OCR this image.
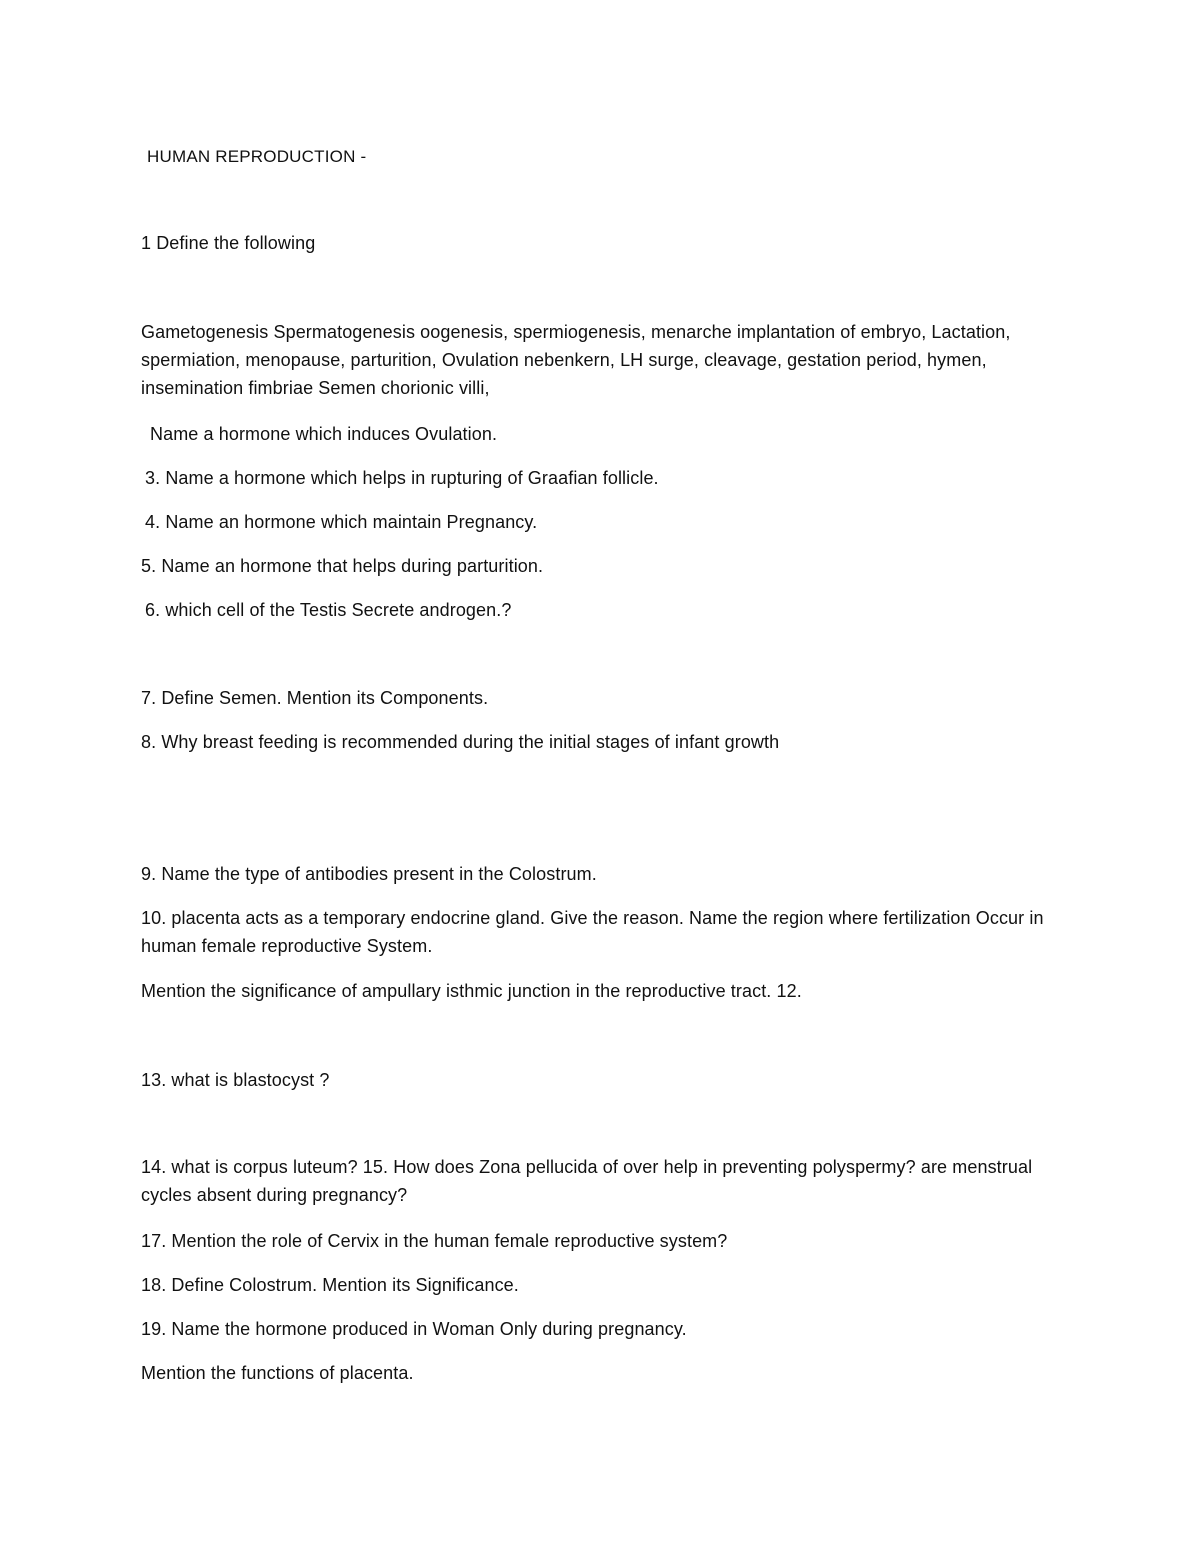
HUMAN REPRODUCTION -
1 Define the following
Gametogenesis Spermatogenesis oogenesis, spermiogenesis, menarche implantation of embryo, Lactation, spermiation, menopause, parturition, Ovulation nebenkern, LH surge, cleavage, gestation period, hymen, insemination fimbriae Semen chorionic villi,
Name a hormone which induces Ovulation.
3. Name a hormone which helps in rupturing of Graafian follicle.
4. Name an hormone which maintain Pregnancy.
5. Name an hormone that helps during parturition.
6. which cell of the Testis Secrete androgen.?
7. Define Semen. Mention its Components.
8. Why breast feeding is recommended during the initial stages of infant growth
9. Name the type of antibodies present in the Colostrum.
10. placenta acts as a temporary endocrine gland. Give the reason. Name the region where fertilization Occur in human female reproductive System.
Mention the significance of ampullary isthmic junction in the reproductive tract. 12.
13. what is blastocyst ?
14. what is corpus luteum? 15. How does Zona pellucida of over help in preventing polyspermy? are menstrual cycles absent during pregnancy?
17. Mention the role of Cervix in the human female reproductive system?
18. Define Colostrum. Mention its Significance.
19. Name the hormone produced in Woman Only during pregnancy.
Mention the functions of placenta.
